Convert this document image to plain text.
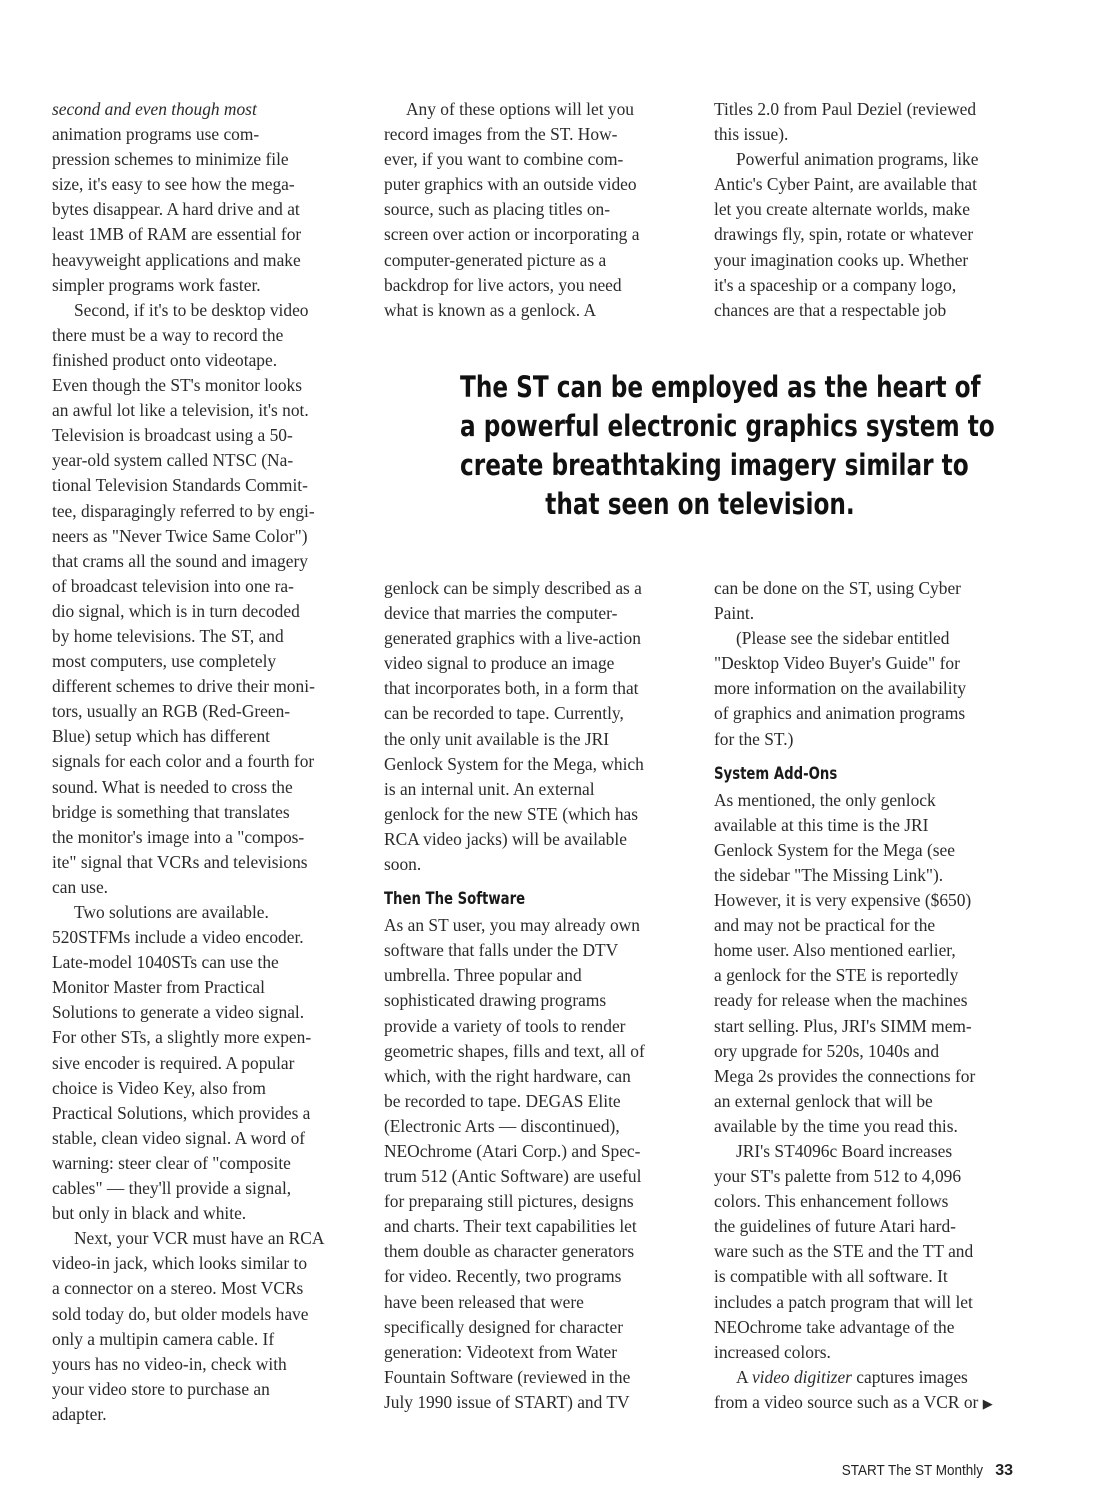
second and even though most

animation programs use com-

pression schemes to minimize file

size, it's easy to see how the mega-

bytes disappear. A hard drive and at

least 1MB of RAM are essential for

heavyweight applications and make

simpler programs work faster.

Second, if it's to be desktop video

there must be a way to record the

finished product onto videotape.

Even though the ST's monitor looks

an awful lot like a television, it's not.

Television is broadcast using a 50-

year-old system called NTSC (Na-

tional Television Standards Commit-

tee, disparagingly referred to by engi-

neers as "Never Twice Same Color")

that crams all the sound and imagery

of broadcast television into one ra-

dio signal, which is in turn decoded

by home televisions. The ST, and

most computers, use completely

different schemes to drive their moni-

tors, usually an RGB (Red-Green-

Blue) setup which has different

signals for each color and a fourth for

sound. What is needed to cross the

bridge is something that translates

the monitor's image into a "compos-

ite" signal that VCRs and televisions

can use.

Two solutions are available.

520STFMs include a video encoder.

Late-model 1040STs can use the

Monitor Master from Practical

Solutions to generate a video signal.

For other STs, a slightly more expen-

sive encoder is required. A popular

choice is Video Key, also from

Practical Solutions, which provides a

stable, clean video signal. A word of

warning: steer clear of "composite

cables" — they'll provide a signal,

but only in black and white.

Next, your VCR must have an RCA

video-in jack, which looks similar to

a connector on a stereo. Most VCRs

sold today do, but older models have

only a multipin camera cable. If

yours has no video-in, check with

your video store to purchase an

adapter.

Any of these options will let you

record images from the ST. How-

ever, if you want to combine com-

puter graphics with an outside video

source, such as placing titles on-

screen over action or incorporating a

computer-generated picture as a

backdrop for live actors, you need

what is known as a genlock. A

Titles 2.0 from Paul Deziel (reviewed

this issue).

Powerful animation programs, like

Antic's Cyber Paint, are available that

let you create alternate worlds, make

drawings fly, spin, rotate or whatever

your imagination cooks up. Whether

it's a spaceship or a company logo,

chances are that a respectable job

The ST can be employed as the heart of
a powerful electronic graphics system to
create breathtaking imagery similar to
that seen on television.

genlock can be simply described as a

device that marries the computer-

generated graphics with a live-action

video signal to produce an image

that incorporates both, in a form that

can be recorded to tape. Currently,

the only unit available is the JRI

Genlock System for the Mega, which

is an internal unit. An external

genlock for the new STE (which has

RCA video jacks) will be available

soon.

Then The Software

As an ST user, you may already own

software that falls under the DTV

umbrella. Three popular and

sophisticated drawing programs

provide a variety of tools to render

geometric shapes, fills and text, all of

which, with the right hardware, can

be recorded to tape. DEGAS Elite

(Electronic Arts — discontinued),

NEOchrome (Atari Corp.) and Spec-

trum 512 (Antic Software) are useful

for preparaing still pictures, designs

and charts. Their text capabilities let

them double as character generators

for video. Recently, two programs

have been released that were

specifically designed for character

generation: Videotext from Water

Fountain Software (reviewed in the

July 1990 issue of START) and TV

can be done on the ST, using Cyber

Paint.

(Please see the sidebar entitled

"Desktop Video Buyer's Guide" for

more information on the availability

of graphics and animation programs

for the ST.)

System Add-Ons

As mentioned, the only genlock

available at this time is the JRI

Genlock System for the Mega (see

the sidebar "The Missing Link").

However, it is very expensive ($650)

and may not be practical for the

home user. Also mentioned earlier,

a genlock for the STE is reportedly

ready for release when the machines

start selling. Plus, JRI's SIMM mem-

ory upgrade for 520s, 1040s and

Mega 2s provides the connections for

an external genlock that will be

available by the time you read this.

JRI's ST4096c Board increases

your ST's palette from 512 to 4,096

colors. This enhancement follows

the guidelines of future Atari hard-

ware such as the STE and the TT and

is compatible with all software. It

includes a patch program that will let

NEOchrome take advantage of the

increased colors.

A video digitizer captures images

from a video source such as a VCR or ▶

START The ST Monthly 33
